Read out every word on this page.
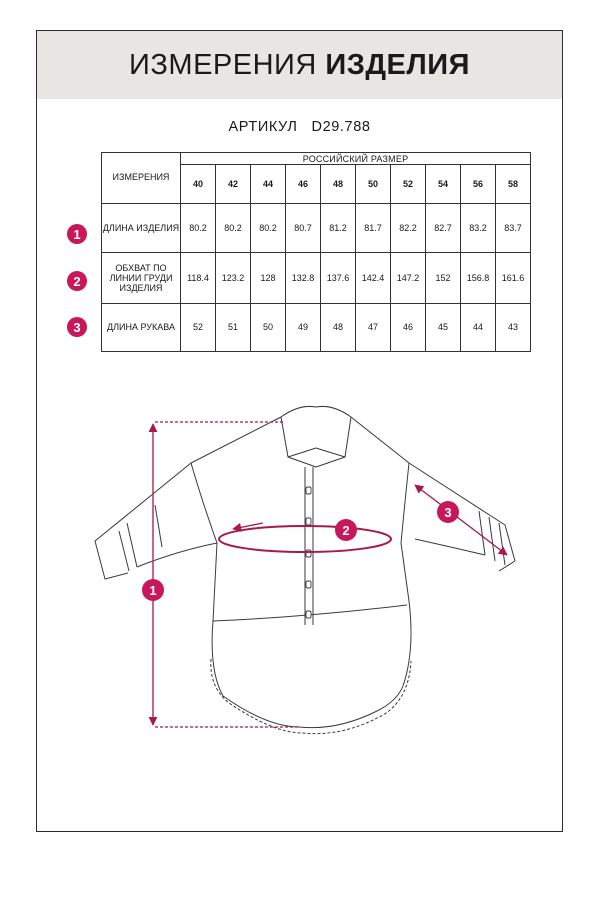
ИЗМЕРЕНИЯ ИЗДЕЛИЯ
АРТИКУЛ D29.788
ИЗМЕРЕНИЯ	РОССИЙСКИЙ РАЗМЕР									
	40	42	44	46	48	50	52	54	56	58
ДЛИНА ИЗДЕЛИЯ	80.2	80.2	80.2	80.7	81.2	81.7	82.2	82.7	83.2	83.7
ОБХВАТ ПО
ЛИНИИ ГРУДИ
ИЗДЕЛИЯ	118.4	123.2	128	132.8	137.6	142.4	147.2	152	156.8	161.6
ДЛИНА РУКАВА	52	51	50	49	48	47	46	45	44	43
1
2
3
1
2
3
